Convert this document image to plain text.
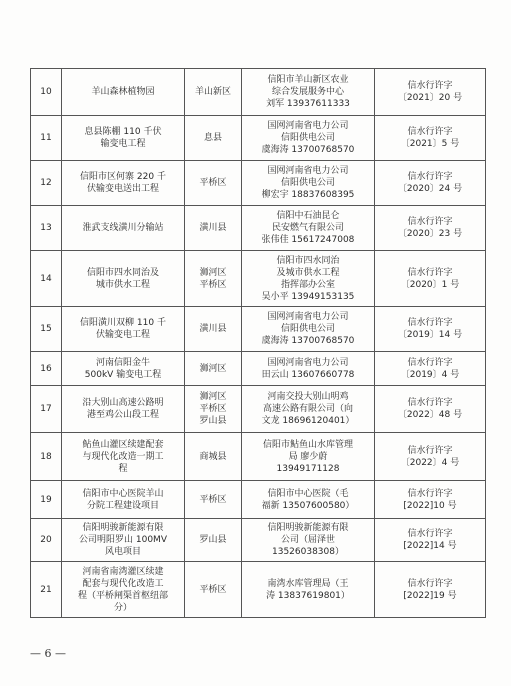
10	羊山森林植物园	羊山新区	信阳市羊山新区农业
综合发展服务中心
刘军 13937611333	信水行许字
〔2021〕20 号

11	息县陈棚 110 千伏
输变电工程	息县	国网河南省电力公司
信阳供电公司
虞海涛 13700768570	信水行许字
〔2021〕5 号

12	信阳市区何寨 220 千
伏输变电送出工程	平桥区	国网河南省电力公司
信阳供电公司
柳宏宇 18837608395	信水行许字
〔2020〕24 号

13	淮武支线潢川分输站	潢川县	信阳中石油昆仑
民安燃气有限公司
张伟佳 15617247008	信水行许字
〔2020〕23 号

14	信阳市四水同治及
城市供水工程	浉河区
平桥区	信阳市四水同治
及城市供水工程
指挥部办公室
吴小平 13949153135	信水行许字
〔2020〕1 号

15	信阳潢川双柳 110 千
伏输变电工程	潢川县	国网河南省电力公司
信阳供电公司
虞海涛 13700768570	信水行许字
〔2019〕14 号

16	河南信阳金牛
500kV 输变电工程	浉河区	国网河南省电力公司
田云山 13607660778	信水行许字
〔2019〕4 号

17	沿大别山高速公路明
港至鸡公山段工程	浉河区
平桥区
罗山县	河南交投大别山明鸡
高速公路有限公司（向
文龙 18696120401）	信水行许字
〔2022〕48 号

18	鲇鱼山灌区续建配套
与现代化改造一期工
程	商城县	信阳市鲇鱼山水库管理
局 廖少蔚
13949171128	信水行许字
〔2022〕4 号

19	信阳市中心医院羊山
分院工程建设项目	平桥区	信阳市中心医院（毛
福新 13507600580）	信水行许字
[2022]10 号

20	信阳明骏新能源有限
公司明阳罗山 100MV
风电项目	罗山县	信阳明骏新能源有限
公司（屈泽世
13526038308）	信水行许字
[2022]14 号

21	河南省南湾灌区续建
配套与现代化改造工
程（平桥闸渠首枢纽部
分）	平桥区	南湾水库管理局（王
涛 13837619801）	信水行许字
[2022]19 号
— 6 —
